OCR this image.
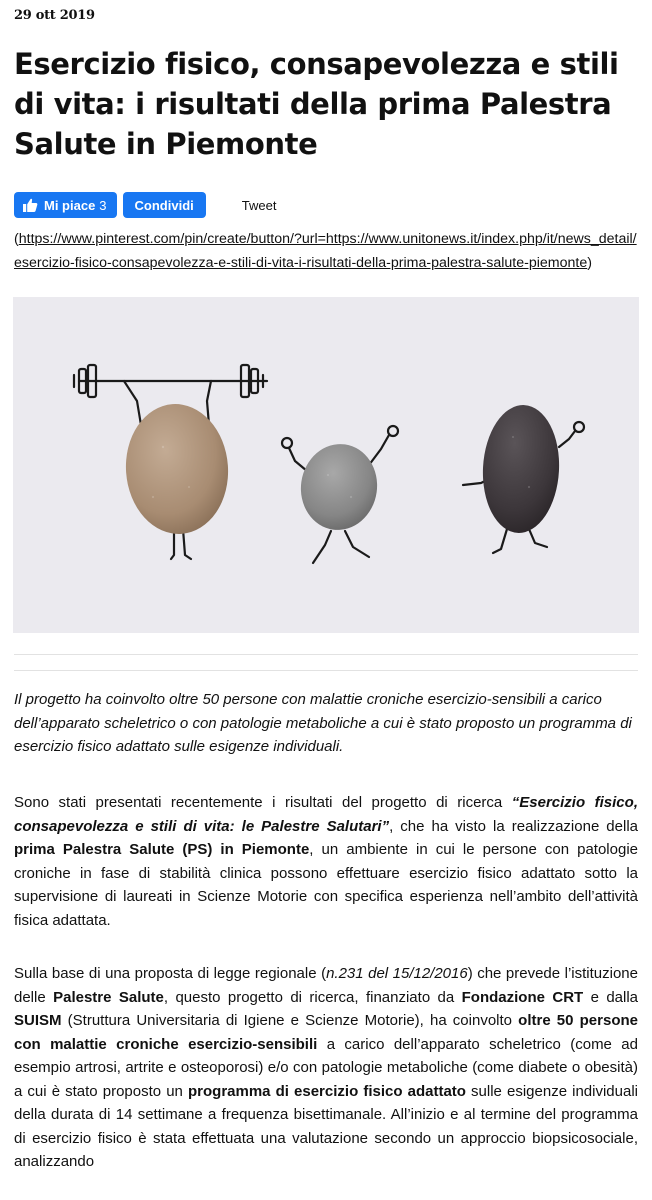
29 ott 2019
Esercizio fisico, consapevolezza e stili di vita: i risultati della prima Palestra Salute in Piemonte
Mi piace 3 Condividi	Tweet
(https://www.pinterest.com/pin/create/button/?url=https://www.unitonews.it/index.php/it/news_detail/esercizio-fisico-consapevolezza-e-stili-di-vita-i-risultati-della-prima-palestra-salute-piemonte)

Il progetto ha coinvolto oltre 50 persone con malattie croniche esercizio-sensibili a carico dell’apparato scheletrico o con patologie metaboliche a cui è stato proposto un programma di esercizio fisico adattato sulle esigenze individuali.

Sono stati presentati recentemente i risultati del progetto di ricerca “Esercizio fisico, consapevolezza e stili di vita: le Palestre Salutari”, che ha visto la realizzazione della prima Palestra Salute (PS) in Piemonte, un ambiente in cui le persone con patologie croniche in fase di stabilità clinica possono effettuare esercizio fisico adattato sotto la supervisione di laureati in Scienze Motorie con specifica esperienza nell’ambito dell’attività fisica adattata.

Sulla base di una proposta di legge regionale (n.231 del 15/12/2016) che prevede l’istituzione delle Palestre Salute, questo progetto di ricerca, finanziato da Fondazione CRT e dalla SUISM (Struttura Universitaria di Igiene e Scienze Motorie), ha coinvolto oltre 50 persone con malattie croniche esercizio-sensibili a carico dell’apparato scheletrico (come ad esempio artrosi, artrite e osteoporosi) e/o con patologie metaboliche (come diabete o obesità) a cui è stato proposto un programma di esercizio fisico adattato sulle esigenze individuali della durata di 14 settimane a frequenza bisettimanale. All’inizio e al termine del programma di esercizio fisico è stata effettuata una valutazione secondo un approccio biopsicosociale, analizzando
